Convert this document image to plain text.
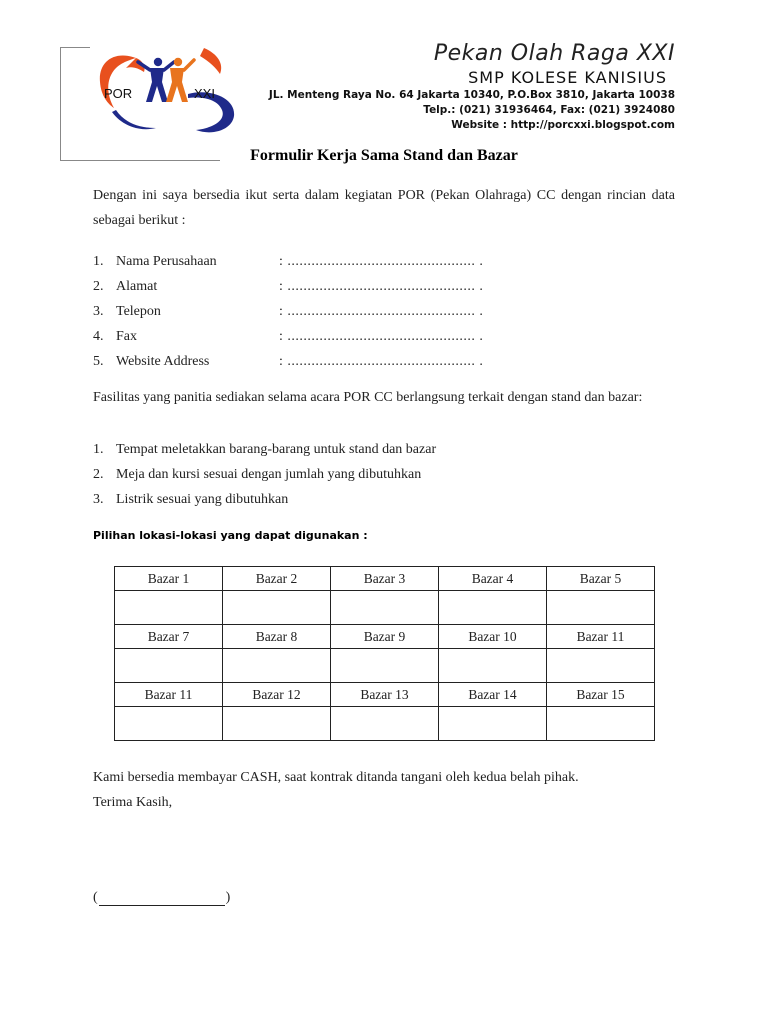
POR	XXI
Pekan Olah Raga XXI
SMP KOLESE KANISIUS
JL. Menteng Raya No. 64 Jakarta 10340, P.O.Box 3810, Jakarta 10038
Telp.: (021) 31936464, Fax: (021) 3924080
Website : http://porcxxi.blogspot.com
Formulir Kerja Sama Stand dan Bazar
Dengan ini saya bersedia ikut serta dalam kegiatan POR (Pekan Olahraga) CC dengan rincian data sebagai berikut :
1. Nama Perusahaan	: ............................................... .
2. Alamat	: ............................................... .
3. Telepon	: ............................................... .
4. Fax	: ............................................... .
5. Website Address	: ............................................... .
Fasilitas yang panitia sediakan selama acara POR CC berlangsung terkait dengan stand dan bazar:
1. Tempat meletakkan barang-barang untuk stand dan bazar
2. Meja dan kursi sesuai dengan jumlah yang dibutuhkan
3. Listrik sesuai yang dibutuhkan
Pilihan lokasi-lokasi yang dapat digunakan :
Bazar 1	Bazar 2	Bazar 3	Bazar 4	Bazar 5

Bazar 7	Bazar 8	Bazar 9	Bazar 10	Bazar 11

Bazar 11	Bazar 12	Bazar 13	Bazar 14	Bazar 15

Kami bersedia membayar CASH, saat kontrak ditanda tangani oleh kedua belah pihak.
Terima Kasih,
(	)
